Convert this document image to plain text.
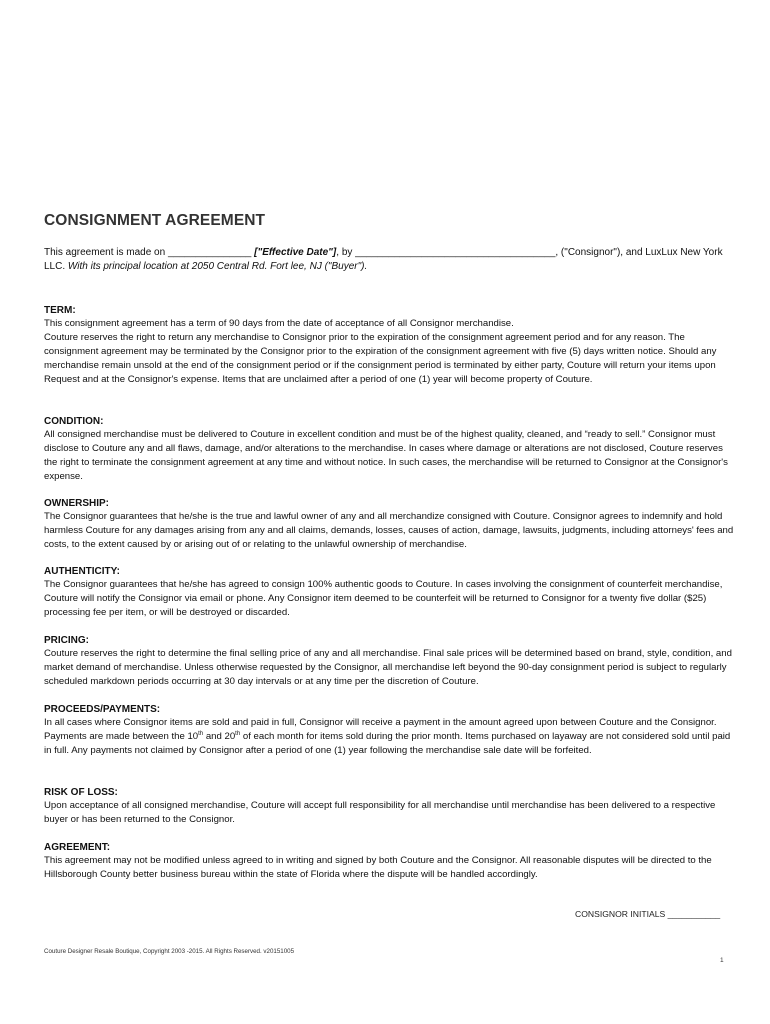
CONSIGNMENT AGREEMENT
This agreement is made on _______________ ["Effective Date"], by ____________________________________, ("Consignor"), and LuxLux New York LLC. With its principal location at 2050 Central Rd. Fort lee, NJ ("Buyer").
TERM:

This consignment agreement has a term of 90 days from the date of acceptance of all Consignor merchandise.

Couture reserves the right to return any merchandise to Consignor prior to the expiration of the consignment agreement period and for any reason. The consignment agreement may be terminated by the Consignor prior to the expiration of the consignment agreement with five (5) days written notice. Should any merchandise remain unsold at the end of the consignment period or if the consignment period is terminated by either party, Couture will return your items upon

Request and at the Consignor's expense. Items that are unclaimed after a period of one (1) year will become property of Couture.

CONDITION:
All consigned merchandise must be delivered to Couture in excellent condition and must be of the highest quality, cleaned, and “ready to sell.” Consignor must disclose to Couture any and all flaws, damage, and/or alterations to the merchandise. In cases where damage or alterations are not disclosed, Couture reserves the right to terminate the consignment agreement at any time and without notice. In such cases, the merchandise will be returned to Consignor at the Consignor's expense.
OWNERSHIP:
The Consignor guarantees that he/she is the true and lawful owner of any and all merchandize consigned with Couture. Consignor agrees to indemnify and hold harmless Couture for any damages arising from any and all claims, demands, losses, causes of action, damage, lawsuits, judgments, including attorneys' fees and costs, to the extent caused by or arising out of or relating to the unlawful ownership of merchandise.
AUTHENTICITY:
The Consignor guarantees that he/she has agreed to consign 100% authentic goods to Couture. In cases involving the consignment of counterfeit merchandise, Couture will notify the Consignor via email or phone. Any Consignor item deemed to be counterfeit will be returned to Consignor for a twenty five dollar ($25) processing fee per item, or will be destroyed or discarded.
PRICING:
Couture reserves the right to determine the final selling price of any and all merchandise. Final sale prices will be determined based on brand, style, condition, and market demand of merchandise. Unless otherwise requested by the Consignor, all merchandise left beyond the 90-day consignment period is subject to regularly scheduled markdown periods occurring at 30 day intervals or at any time per the discretion of Couture.
PROCEEDS/PAYMENTS:
In all cases where Consignor items are sold and paid in full, Consignor will receive a payment in the amount agreed upon between Couture and the Consignor. Payments are made between the 10th and 20th of each month for items sold during the prior month. Items purchased on layaway are not considered sold until paid in full. Any payments not claimed by Consignor after a period of one (1) year following the merchandise sale date will be forfeited.
RISK OF LOSS:
Upon acceptance of all consigned merchandise, Couture will accept full responsibility for all merchandise until merchandise has been delivered to a respective buyer or has been returned to the Consignor.
AGREEMENT:
This agreement may not be modified unless agreed to in writing and signed by both Couture and the Consignor. All reasonable disputes will be directed to the Hillsborough County better business bureau within the state of Florida where the dispute will be handled accordingly.
CONSIGNOR INITIALS ___________
Couture Designer Resale Boutique, Copyright 2003 -2015. All Rights Reserved. v20151005
1
